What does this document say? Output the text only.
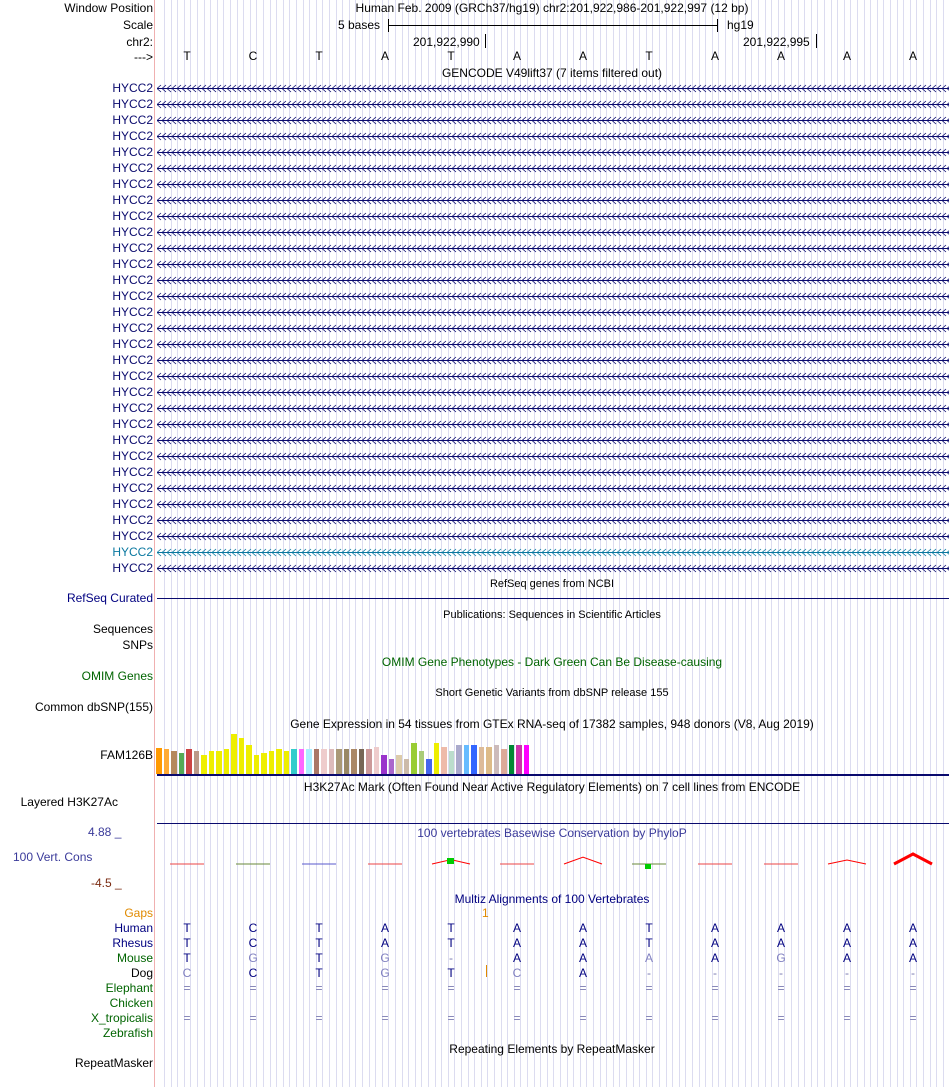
Window Position
Scale
chr2:
--->
Human Feb. 2009 (GRCh37/hg19) chr2:201,922,986-201,922,997 (12 bp)
5 bases	hg19
201,922,990	201,922,995
T	C	T	A	T	A	A	T	A	A	A	A
GENCODE V49lift37 (7 items filtered out)
HYCC2
HYCC2
HYCC2
HYCC2
HYCC2
HYCC2
HYCC2
HYCC2
HYCC2
HYCC2
HYCC2
HYCC2
HYCC2
HYCC2
HYCC2
HYCC2
HYCC2
HYCC2
HYCC2
HYCC2
HYCC2
HYCC2
HYCC2
HYCC2
HYCC2
HYCC2
HYCC2
HYCC2
HYCC2
HYCC2
HYCC2
RefSeq genes from NCBI
RefSeq Curated
Publications: Sequences in Scientific Articles
Sequences
SNPs
OMIM Gene Phenotypes - Dark Green Can Be Disease-causing
OMIM Genes
Short Genetic Variants from dbSNP release 155
Common dbSNP(155)
Gene Expression in 54 tissues from GTEx RNA-seq of 17382 samples, 948 donors (V8, Aug 2019)
FAM126B
H3K27Ac Mark (Often Found Near Active Regulatory Elements) on 7 cell lines from ENCODE
Layered H3K27Ac
100 vertebrates Basewise Conservation by PhyloP
4.88 _
100 Vert. Cons
-4.5 _
Multiz Alignments of 100 Vertebrates
Gaps	1
Human	T	C	T	A	T	A	A	T	A	A	A	A
Rhesus	T	C	T	A	T	A	A	T	A	A	A	A
Mouse	T	G	T	G	-	A	A	A	A	G	A	A
Dog C	C	T	G	T	C	A	-	-	-	-	-
Elephant	=	=	=	=	=	=	=	=	=	=	=	=
Chicken
X_tropicalis	=	=	=	=	=	=	=	=	=	=	=	=
Zebrafish
Repeating Elements by RepeatMasker
RepeatMasker
